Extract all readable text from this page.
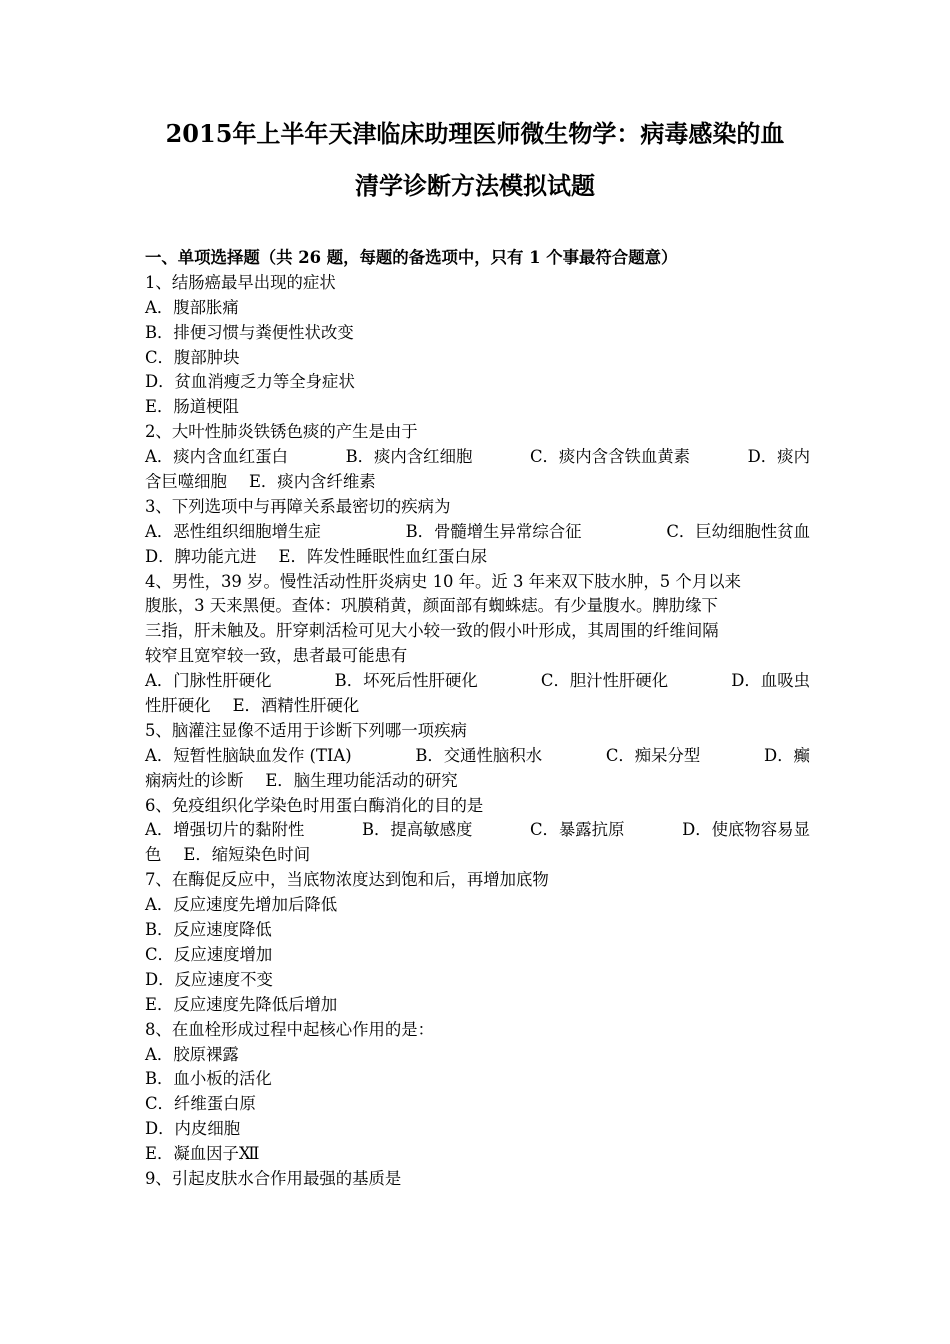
2015年上半年天津临床助理医师微生物学：病毒感染的血
清学诊断方法模拟试题
一、单项选择题（共 26 题，每题的备选项中，只有 1 个事最符合题意）
1、结肠癌最早出现的症状
A．腹部胀痛
B．排便习惯与粪便性状改变
C．腹部肿块
D．贫血消瘦乏力等全身症状
E．肠道梗阻
2、大叶性肺炎铁锈色痰的产生是由于
A．痰内含血红蛋白	B．痰内含红细胞	C．痰内含含铁血黄素	D．痰内
含巨噬细胞 E．痰内含纤维素
3、下列选项中与再障关系最密切的疾病为
A．恶性组织细胞增生症	B．骨髓增生异常综合征	C．巨幼细胞性贫血
D．脾功能亢进 E．阵发性睡眠性血红蛋白尿
4、男性，39 岁。慢性活动性肝炎病史 10 年。近 3 年来双下肢水肿，5 个月以来
腹胀，3 天来黑便。查体：巩膜稍黄，颜面部有蜘蛛痣。有少量腹水。脾肋缘下
三指，肝未触及。肝穿刺活检可见大小较一致的假小叶形成，其周围的纤维间隔
较窄且宽窄较一致，患者最可能患有
A．门脉性肝硬化	B．坏死后性肝硬化	C．胆汁性肝硬化	D．血吸虫
性肝硬化 E．酒精性肝硬化
5、脑灌注显像不适用于诊断下列哪一项疾病
A．短暂性脑缺血发作 (TIA)	B．交通性脑积水	C．痴呆分型	D．癫
痫病灶的诊断 E．脑生理功能活动的研究
6、免疫组织化学染色时用蛋白酶消化的目的是
A．增强切片的黏附性	B．提高敏感度	C．暴露抗原	D．使底物容易显
色 E．缩短染色时间
7、在酶促反应中，当底物浓度达到饱和后，再增加底物
A．反应速度先增加后降低
B．反应速度降低
C．反应速度增加
D．反应速度不变
E．反应速度先降低后增加
8、在血栓形成过程中起核心作用的是：
A．胶原裸露
B．血小板的活化
C．纤维蛋白原
D．内皮细胞
E．凝血因子Ⅻ
9、引起皮肤水合作用最强的基质是
